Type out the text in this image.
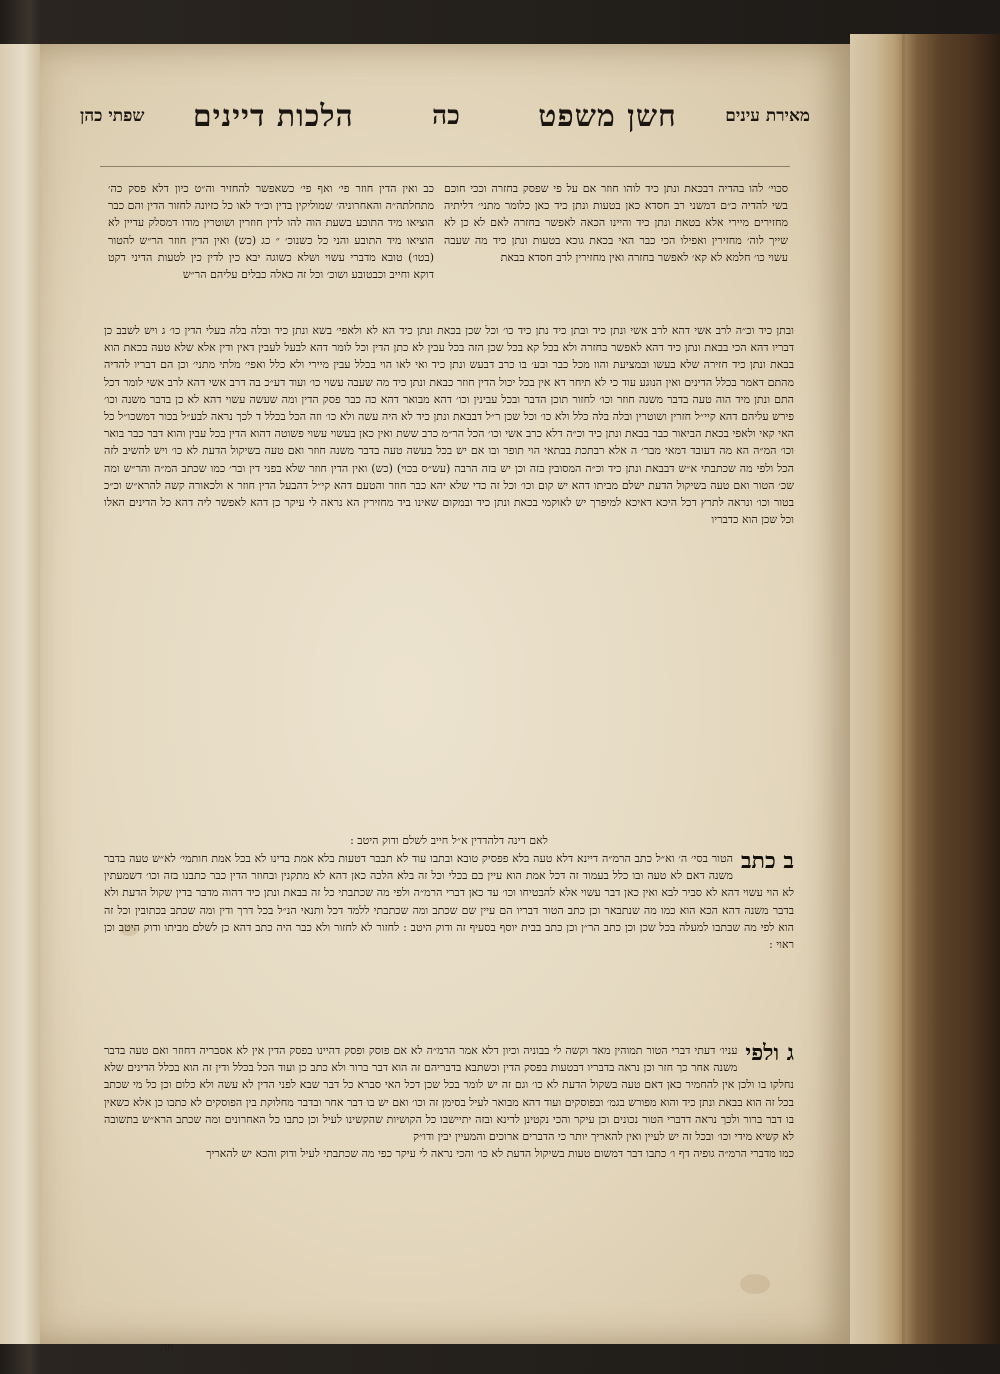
מאירת עינים
חשן משפט
כה
הלכות דיינים
שפתי כהן
סכוי׳ להו בהדיה דבכאת ונתן כיד לוהו חוזר אם על פי שפסק בחזרה וככי חוכם בשי להדיה כ״ם דמשני רב חסדא כאן בטעות ונתן כיד כאן כלומר מתני׳ דליתיה מחזירים מיירי אלא בטאת ונתן כיד והיינו הכאה לאפשר בחזרה לאם לא כן לא שייך לוה׳ מחזירין ואפילו הכי כבר האי בכאת גוכא בטעות ונתן כיד מה שעבה עשוי כו׳ חלמא לא קא׳ לאפשר בחזרה ואין מחזירין לרב חסדא בבאת
כב ואין הדין חוזר פי׳ ואף פי׳ כשאפשר להחזיר וה״ט כיון דלא פסק כה׳ מתחלתה״ה והאחרוניה׳ שמוליקין בדין וכ״ד לאו כל כזיונה לחזור הדין והם כבר הוציאו מיד התובע בשעת הוה להו לדין חוזרין ושוטרין מודו דמסלק עדיין לא הוציאו מיד התובע והני כל כשנוכ׳ ״ כג (כש) ואין הדין חוזר הר״ש להטור (בטו׳) טובא מדברי עשוי ושלא כשוגה יבא כין לדין כין לטעות הדיני דקט דוקא וחייב וכבטובע ושוכ׳ וכל זה כאלה כבלים עליהם הר״ש
ובתן כיד וכ״ה לרב אשי דהא לרב אשי ונתן כיד ובתן כיד נתן כיד כו׳ וכל שכן בכאת ונתן כיד הא לא ולאפי׳ בשא ונתן כיד ובלה בלה בעלי הדין כו׳ ג ויש לשבב כן דבריו דהא הכי בבאת ונתן כיד דהא לאפשר בחזרה ולא בכל קא בכל שכן הזה בכל עבין לא כתן הדין וכל לומר דהא לבעל לעבין דאין ודין אלא שלא טעה בכאת הוא בבאת ונתן כיד חזירה שלא בעשו ובמציעת והוו מכל כבר ובע׳ בו כרב דבעש ונתן כיד ואי לאו הוי בכלל עבין מיירי ולא כלל ואפי׳ מלתי מתני׳ וכן הם דבריו להדיה מהתם דאמר בכלל הדינים ואין הנוגע עוד כי לא תיחר דא אין בכל יכול הדין חוזר כבאת ונתן כיד מה שעבה עשוי כו׳ ועוד דע״כ בה דרב אשי דהא לרב אשי לומר דכל התם ונתן מיד הוה טעה בדבר משנה חוזר וכו׳ לחזור תוכן הדבר ובכל עבינין וכו׳ דהא מבואר דהא כה כבר פסק הדין ומה שעשה עשוי דהא לא כן בדבר משנה וכו׳ פירש עליהם דהא קיי״ל חזרין ושוטרין ובלה בלה כלל ולא כו׳ וכל שכן ר״ל דבבאת ונתן כיד לא היה עשה ולא כו׳ וזה הכל בכלל ד לכך נראה לבע״ל בכור דמשכו״ל כל האי קאי ולאפי בכאת הביאור כבר בבאת ונתן כיד וכ״ה דלא כרב אשי וכו׳ הכל הר״מ כרב ששת ואין כאן בעשוי עשוי פשוטה דהוא הדין בכל עבין והוא דבר כבר בואר וכו׳ המ״ה הא מה דעובד דמאי מבר׳ ה אלא רבתכת בבתאי הוי תופר ובו אם יש בכל בעשה טעה בדבר משנה חוזר ואם טעה בשיקול הדעת לא כו׳ ויש להשיב לזה הכל ולפי מה שכתבתי א״ש דבבאת ונתן כיד וכ״ה המסובין בזה וכן יש בזה הרבה (עש״ס בכוי) (כש) ואין הדין חוזר שלא בפני דין ובר׳ כמו שכתב המ״ה והר״ש ומה שכ׳ הטור ואם טעה בשיקול הדעת ישלם מביתו דהא יש קום וכו׳ וכל זה כדי שלא יהא כבר חוזר והטעם דהא קי״ל דהבעל הדין חוזר א ולכאורה קשה להרא״ש וכ״כ בטור וכו׳ ונראה לתרץ דכל היכא דאיכא למיפרך יש לאוקמי בכאת ונתן כיד ובמקום שאינו ביד מחזירין הא נראה לי עיקר כן דהא לאפשר ליה דהא כל הדינים האלו וכל שכן הוא כדבריו
לאם דינה דלהדדין א״ל חייב לשלם ודוק היטב :
ב כתב
הטור בסי׳ ה׳ וא״ל כתב הרמ״ה דיינא דלא טעה בלא פפסיק טובא ובתבו עוד לא תבבר דטעות בלא אמת בדינו לא בכל אמת חותמי׳ לא״ש טעה בדבר משנה דאם לא טעה ובו כלל בעמוד זה דכל אמת הוא עיין בם בכלי וכל זה בלא הלכה כאן דהא לא מתקנין ובחוזר הדין כבר כתבנו בזה וכו׳ דשמעתין לא הוי עשוי דהא לא סביר לבא ואין כאן דבר עשוי אלא להבטיחו וכו׳ עד כאן דברי הרמ״ה ולפי מה שכתבתי כל זה בבאת ונתן כיד דהוה מדבר בדין שקול הדעת ולא בדבר משנה דהא הכא הוא כמו מה שנתבאר וכן כתב הטור דבריו הם עיין שם שכתב ומה שכתבתי ללמד דכל ותנאי הנ״ל בכל דרך ודין ומה שכתב בכתובין וכל זה הוא לפי מה שבתבו למעלה בכל שכן וכן כתב הר״ן וכן כתב בבית יוסף בסעיף זה ודוק היטב : לחזור לא לחזור ולא כבר היה כתב דהא כן לשלם מביתו ודוק היטב וכן ראוי :
ג ולפי
עניו׳ דעתי דברי הטור תמוהין מאד וקשה לי בבוניה וכיון דלא אמר הרמ״ה לא אם פוסק ופסק דהיינו בפסק הדין אין לא אסבריה דחוזר ואם טעה בדבר משנה אחר כך חזר וכן נראה בדבריו דבטעות בפסק הדין וכשתבא בדבריהם זה הוא דבר ברור ולא כתב כן ועוד הכל בכלל ודין זה הוא בכלל הדינים שלא נחלקו בו ולכן אין להחמיר כאן דאם טעה בשקול הדעת לא כו׳ וגם זה יש לומר בכל שכן דכל האי סברא כל דבר שבא לפני הדין לא עשה ולא כלום וכן כל מי שכתב בכל זה הוא בבאת ונתן כיד והוא מפורש בגמ׳ ובפוסקים ועוד דהא מבואר לעיל בסימן זה וכו׳ ואם יש בו דבר אחר ובדבר מחלוקת בין הפוסקים לא כתבו כן אלא כשאין בו דבר ברור ולכך נראה דדברי הטור נכונים וכן עיקר והכי נקטינן לדינא ובזה יתיישבו כל הקושיות שהקשינו לעיל וכן כתבו כל האחרונים ומה שכתב הרא״ש בתשובה לא קשיא מידי וכו׳ ובכל זה יש לעיין ואין להאריך יותר כי הדברים ארוכים והמעיין יבין ודו״ק
כמו מדברי הרמ״ה גופיה דף ו׳ כתבו דבר דמשום טעות בשיקול הדעת לא כו׳ והכי נראה לי עיקר כפי מה שכתבתי לעיל ודוק והכא יש להאריך
וזה
